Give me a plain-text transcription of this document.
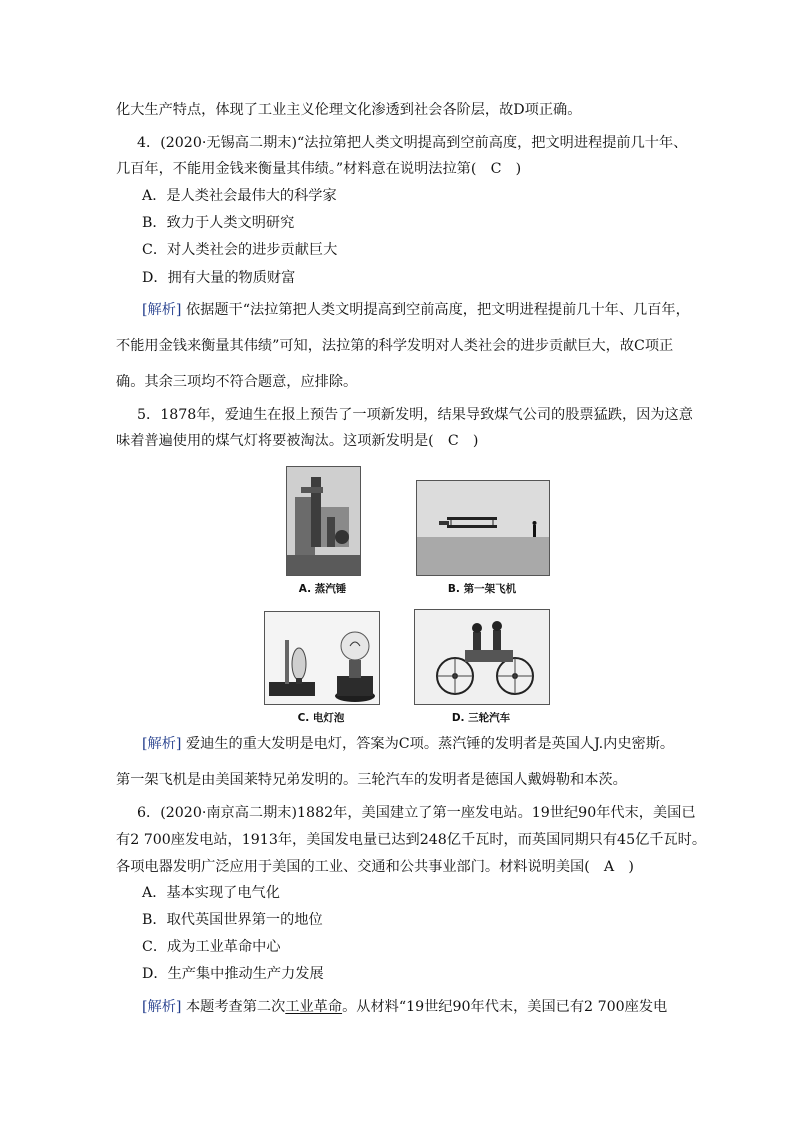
化大生产特点，体现了工业主义伦理文化渗透到社会各阶层，故D项正确。
4．(2020·无锡高二期末)“法拉第把人类文明提高到空前高度，把文明进程提前几十年、
几百年，不能用金钱来衡量其伟绩。”材料意在说明法拉第(　C　)
A．是人类社会最伟大的科学家
B．致力于人类文明研究
C．对人类社会的进步贡献巨大
D．拥有大量的物质财富
[解析] 依据题干“法拉第把人类文明提高到空前高度，把文明进程提前几十年、几百年，
不能用金钱来衡量其伟绩”可知，法拉第的科学发明对人类社会的进步贡献巨大，故C项正
确。其余三项均不符合题意，应排除。
5．1878年，爱迪生在报上预告了一项新发明，结果导致煤气公司的股票猛跌，因为这意
味着普遍使用的煤气灯将要被淘汰。这项新发明是(　C　)
A. 蒸汽锤	B. 第一架飞机
C. 电灯泡	D. 三轮汽车
[解析] 爱迪生的重大发明是电灯，答案为C项。蒸汽锤的发明者是英国人J.内史密斯。
第一架飞机是由美国莱特兄弟发明的。三轮汽车的发明者是德国人戴姆勒和本茨。
6．(2020·南京高二期末)1882年，美国建立了第一座发电站。19世纪90年代末，美国已
有2 700座发电站，1913年，美国发电量已达到248亿千瓦时，而英国同期只有45亿千瓦时。
各项电器发明广泛应用于美国的工业、交通和公共事业部门。材料说明美国(　A　)
A．基本实现了电气化
B．取代英国世界第一的地位
C．成为工业革命中心
D．生产集中推动生产力发展
[解析] 本题考查第二次工业革命。从材料“19世纪90年代末，美国已有2 700座发电
